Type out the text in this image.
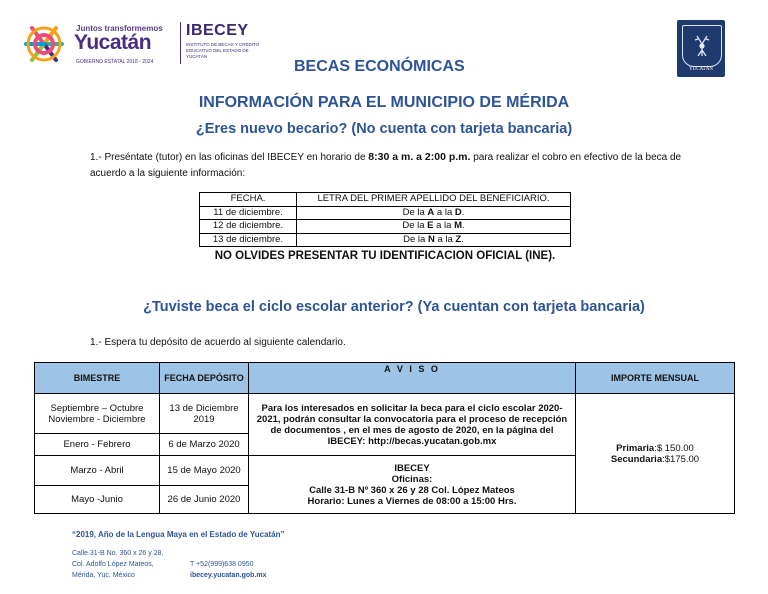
Juntos transformemos
Yucatán
GOBIERNO ESTATAL 2018 - 2024
IBECEY
INSTITUTO DE BECAS Y CRÉDITO EDUCATIVO DEL ESTADO DE YUCATÁN
YUCATÁN
BECAS ECONÓMICAS
INFORMACIÓN PARA EL MUNICIPIO DE MÉRIDA
¿Eres nuevo becario? (No cuenta con tarjeta bancaria)
1.- Preséntate (tutor) en las oficinas del IBECEY en horario de 8:30 a m. a 2:00 p.m. para realizar el cobro en efectivo de la beca de acuerdo a la siguiente información:
FECHA.	LETRA DEL PRIMER APELLIDO DEL BENEFICIARIO.
11 de diciembre.	De la A a la D.
12 de diciembre.	De la E a la M.
13 de diciembre.	De la N a la Z.
NO OLVIDES PRESENTAR TU IDENTIFICACION OFICIAL (INE).
¿Tuviste beca el ciclo escolar anterior? (Ya cuentan con tarjeta bancaria)
1.- Espera tu depósito de acuerdo al siguiente calendario.
BIMESTRE	FECHA DEPÓSITO	A V I S O	IMPORTE MENSUAL
Septiembre – Octubre Noviembre - Diciembre	13 de Diciembre 2019	Para los interesados en solicitar la beca para el ciclo escolar 2020-2021, podrán consultar la convocatoria para el proceso de recepción de documentos , en el mes de agosto de 2020, en la página del IBECEY: http://becas.yucatan.gob.mx	Primaria:$ 150.00
Secundaria:$175.00

Enero - Febrero	6 de Marzo 2020		
Marzo - Abril	15 de Mayo 2020	IBECEY
Oficinas:
Calle 31-B Nº 360 x 26 y 28 Col. López Mateos
Horario: Lunes a Viernes de 08:00 a 15:00 Hrs.	

Mayo -Junio	26 de Junio 2020		
“2019, Año de la Lengua Maya en el Estado de Yucatán”
Calle 31-B No. 360 x 26 y 28,
Col. Adolfo López Mateos,
Mérida, Yuc. México
T +52(999)638 0950
ibecey.yucatan.gob.mx
